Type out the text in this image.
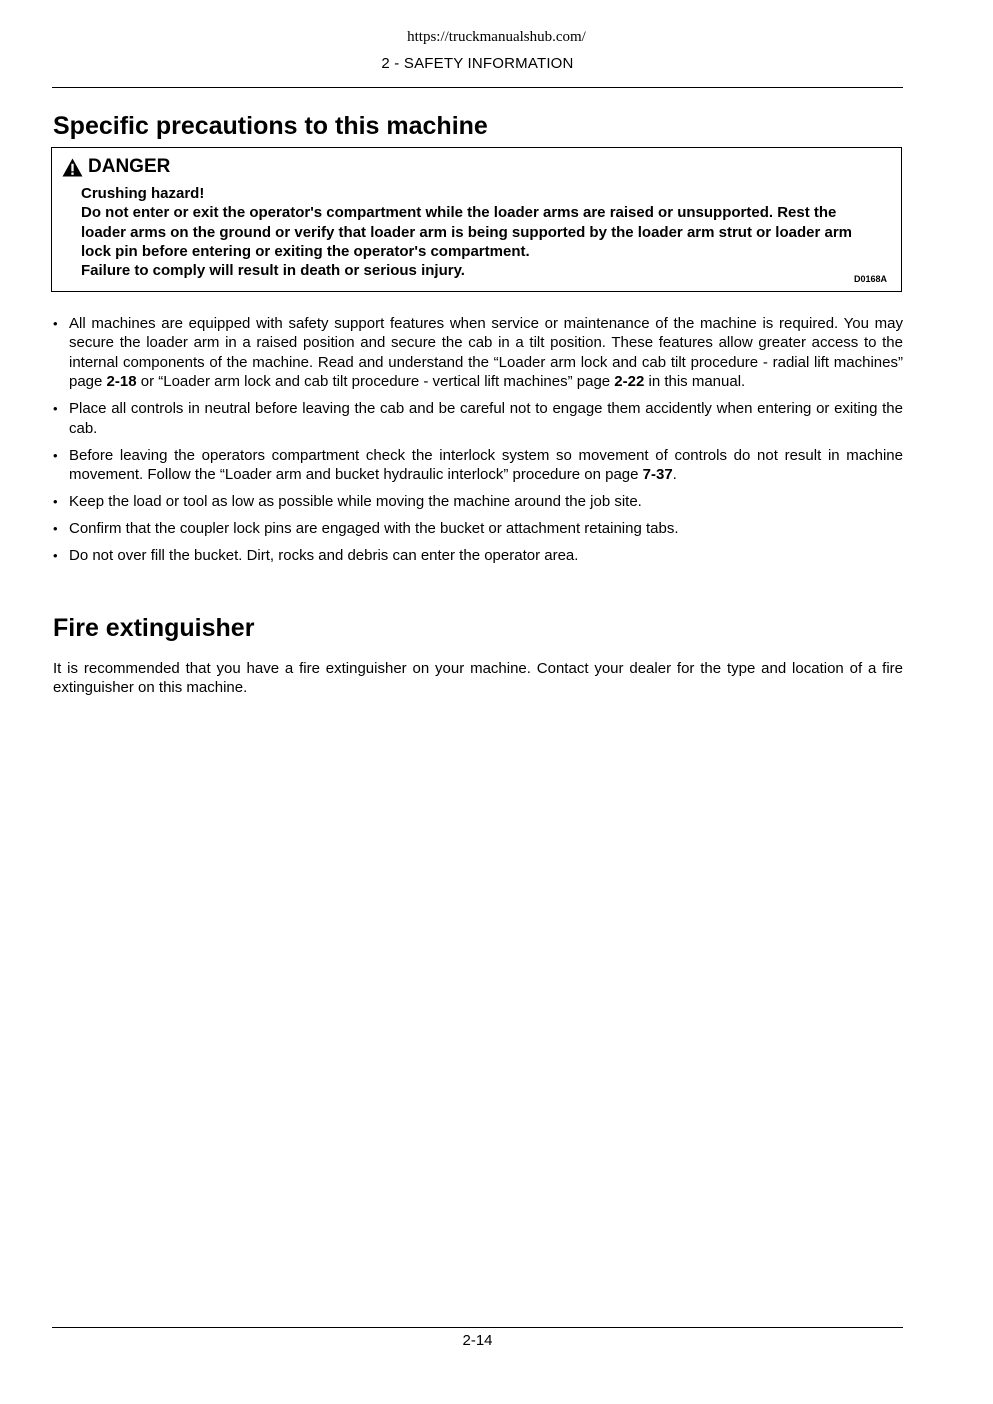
https://truckmanualshub.com/
2 - SAFETY INFORMATION
Specific precautions to this machine
DANGER

Crushing hazard!

Do not enter or exit the operator's compartment while the loader arms are raised or unsupported. Rest the loader arms on the ground or verify that loader arm is being supported by the loader arm strut or loader arm lock pin before entering or exiting the operator's compartment.

Failure to comply will result in death or serious injury.	D0168A
• All machines are equipped with safety support features when service or maintenance of the machine is required. You may secure the loader arm in a raised position and secure the cab in a tilt position. These features allow greater access to the internal components of the machine. Read and understand the “Loader arm lock and cab tilt procedure - radial lift machines” page 2-18 or “Loader arm lock and cab tilt procedure - vertical lift machines” page 2-22 in this manual.
• Place all controls in neutral before leaving the cab and be careful not to engage them accidently when entering or exiting the cab.
• Before leaving the operators compartment check the interlock system so movement of controls do not result in machine movement. Follow the “Loader arm and bucket hydraulic interlock” procedure on page 7-37.
• Keep the load or tool as low as possible while moving the machine around the job site.
• Confirm that the coupler lock pins are engaged with the bucket or attachment retaining tabs.
• Do not over fill the bucket. Dirt, rocks and debris can enter the operator area.
Fire extinguisher

It is recommended that you have a fire extinguisher on your machine. Contact your dealer for the type and location of a fire extinguisher on this machine.

2-14
